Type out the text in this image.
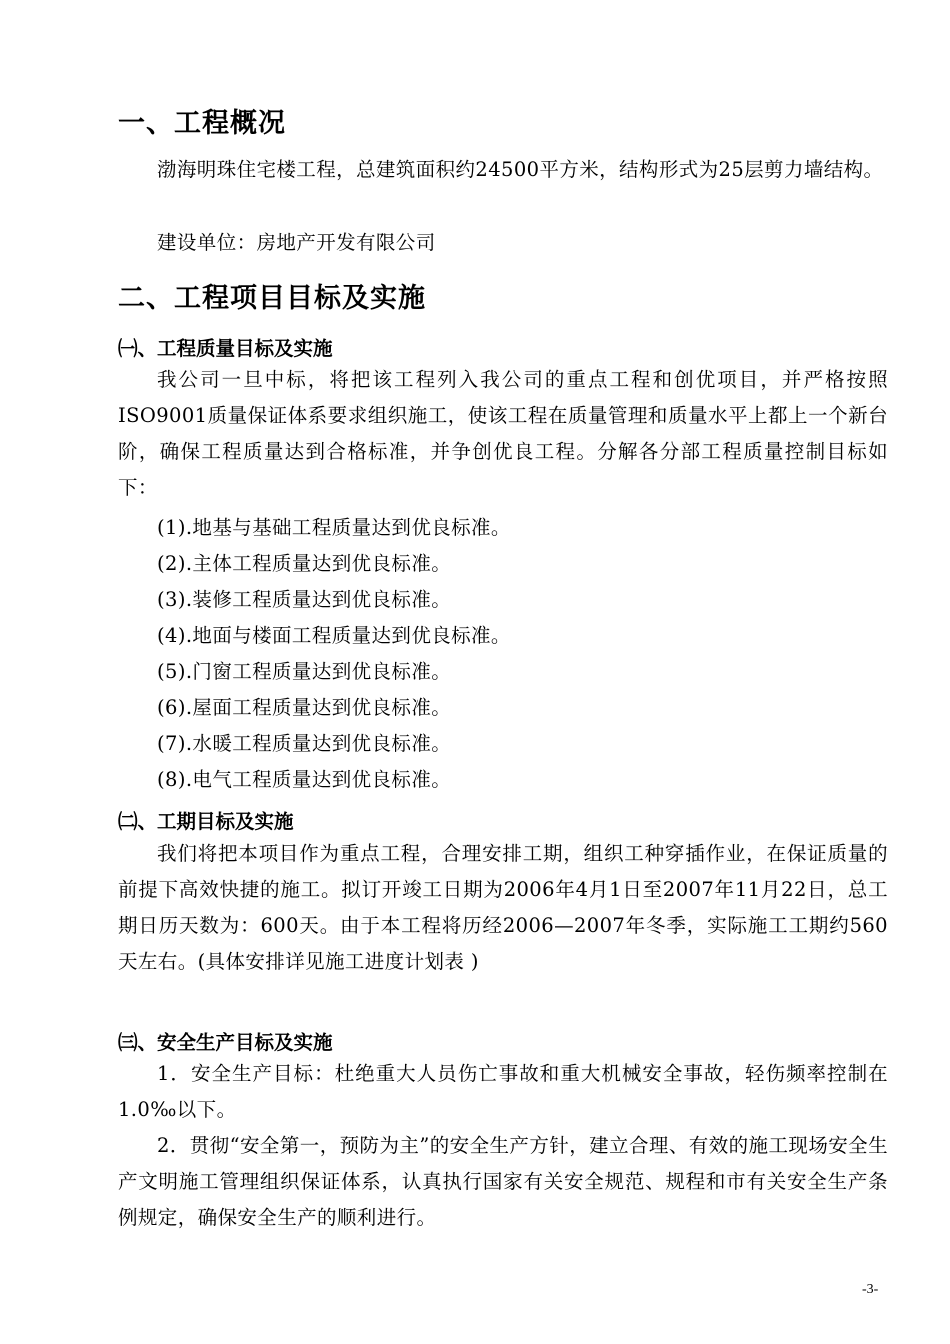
一、工程概况

渤海明珠住宅楼工程，总建筑面积约24500平方米，结构形式为25层剪力墙结构。

建设单位：房地产开发有限公司

二、工程项目目标及实施
㈠、工程质量目标及实施

我公司一旦中标，将把该工程列入我公司的重点工程和创优项目，并严格按照ISO9001质量保证体系要求组织施工，使该工程在质量管理和质量水平上都上一个新台阶，确保工程质量达到合格标准，并争创优良工程。分解各分部工程质量控制目标如下：

(1).地基与基础工程质量达到优良标准。

(2).主体工程质量达到优良标准。

(3).装修工程质量达到优良标准。

(4).地面与楼面工程质量达到优良标准。

(5).门窗工程质量达到优良标准。

(6).屋面工程质量达到优良标准。

(7).水暖工程质量达到优良标准。

(8).电气工程质量达到优良标准。

㈡、工期目标及实施

我们将把本项目作为重点工程，合理安排工期，组织工种穿插作业，在保证质量的前提下高效快捷的施工。拟订开竣工日期为2006年4月1日至2007年11月22日，总工期日历天数为：600天。由于本工程将历经2006—2007年冬季，实际施工工期约560天左右。(具体安排详见施工进度计划表 )

㈢、安全生产目标及实施

1．安全生产目标：杜绝重大人员伤亡事故和重大机械安全事故，轻伤频率控制在1.0‰以下。

2．贯彻“安全第一，预防为主”的安全生产方针，建立合理、有效的施工现场安全生产文明施工管理组织保证体系，认真执行国家有关安全规范、规程和市有关安全生产条例规定，确保安全生产的顺利进行。

-3-
